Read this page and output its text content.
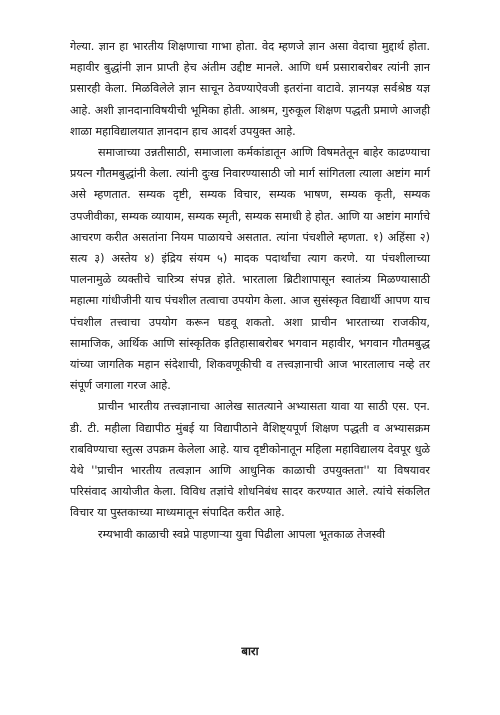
गेल्या. ज्ञान हा भारतीय शिक्षणाचा गाभा होता. वेद म्हणजे ज्ञान असा वेदाचा मुद्दार्थ होता. महावीर बुद्धांनी ज्ञान प्राप्ती हेच अंतीम उद्दीष्ट मानले. आणि धर्म प्रसाराबरोबर त्यांनी ज्ञान प्रसारही केला. मिळविलेले ज्ञान साचून ठेवण्याऐवजी इतरांना वाटावे. ज्ञानयज्ञ सर्वश्रेष्ठ यज्ञ आहे. अशी ज्ञानदानाविषयीची भूमिका होती. आश्रम, गुरुकूल शिक्षण पद्धती प्रमाणे आजही शाळा महाविद्यालयात ज्ञानदान हाच आदर्श उपयुक्त आहे.

समाजाच्या उन्नतीसाठी, समाजाला कर्मकांडातून आणि विषमतेतून बाहेर काढण्याचा प्रयत्न गौतमबुद्धांनी केला. त्यांनी दुःख निवारण्यासाठी जो मार्ग सांगितला त्याला अष्टांग मार्ग असे म्हणतात. सम्यक दृष्टी, सम्यक विचार, सम्यक भाषण, सम्यक कृती, सम्यक उपजीवीका, सम्यक व्यायाम, सम्यक स्मृती, सम्यक समाधी हे होत. आणि या अष्टांग मार्गाचे आचरण करीत असतांना नियम पाळायचे असतात. त्यांना पंचशीले म्हणता. १) अहिंसा २) सत्य ३) अस्तेय ४) इंद्रिय संयम ५) मादक पदार्थांचा त्याग करणे. या पंचशीलाच्या पालनामुळे व्यक्तीचे चारित्र्य संपन्न होते. भारताला ब्रिटीशापासून स्वातंत्र्य मिळण्यासाठी महात्मा गांधीजीनी याच पंचशील तत्वाचा उपयोग केला. आज सुसंस्कृत विद्यार्थी आपण याच पंचशील तत्त्वाचा उपयोग करून घडवू शकतो. अशा प्राचीन भारताच्या राजकीय, सामाजिक, आर्थिक आणि सांस्कृतिक इतिहासाबरोबर भगवान महावीर, भगवान गौतमबुद्ध यांच्या जागतिक महान संदेशाची, शिकवणूकीची व तत्त्वज्ञानाची आज भारतालाच नव्हे तर संपूर्ण जगाला गरज आहे.

प्राचीन भारतीय तत्त्वज्ञानाचा आलेख सातत्याने अभ्यासता यावा या साठी एस. एन. डी. टी. महीला विद्यापीठ मुंबई या विद्यापीठाने वैशिष्ट्यपूर्ण शिक्षण पद्धती व अभ्यासक्रम राबविण्याचा स्तुत्स उपक्रम केलेला आहे. याच दृष्टीकोनातून महिला महाविद्यालय देवपूर धुळे येथे ''प्राचीन भारतीय तत्वज्ञान आणि आधुनिक काळाची उपयुक्तता'' या विषयावर परिसंवाद आयोजीत केला. विविध तज्ञांचे शोधनिबंध सादर करण्यात आले. त्यांचे संकलित विचार या पुस्तकाच्या माध्यमातून संपादित करीत आहे.

रम्यभावी काळाची स्वप्ने पाहणाऱ्या युवा पिढीला आपला भूतकाळ तेजस्वी

बारा
